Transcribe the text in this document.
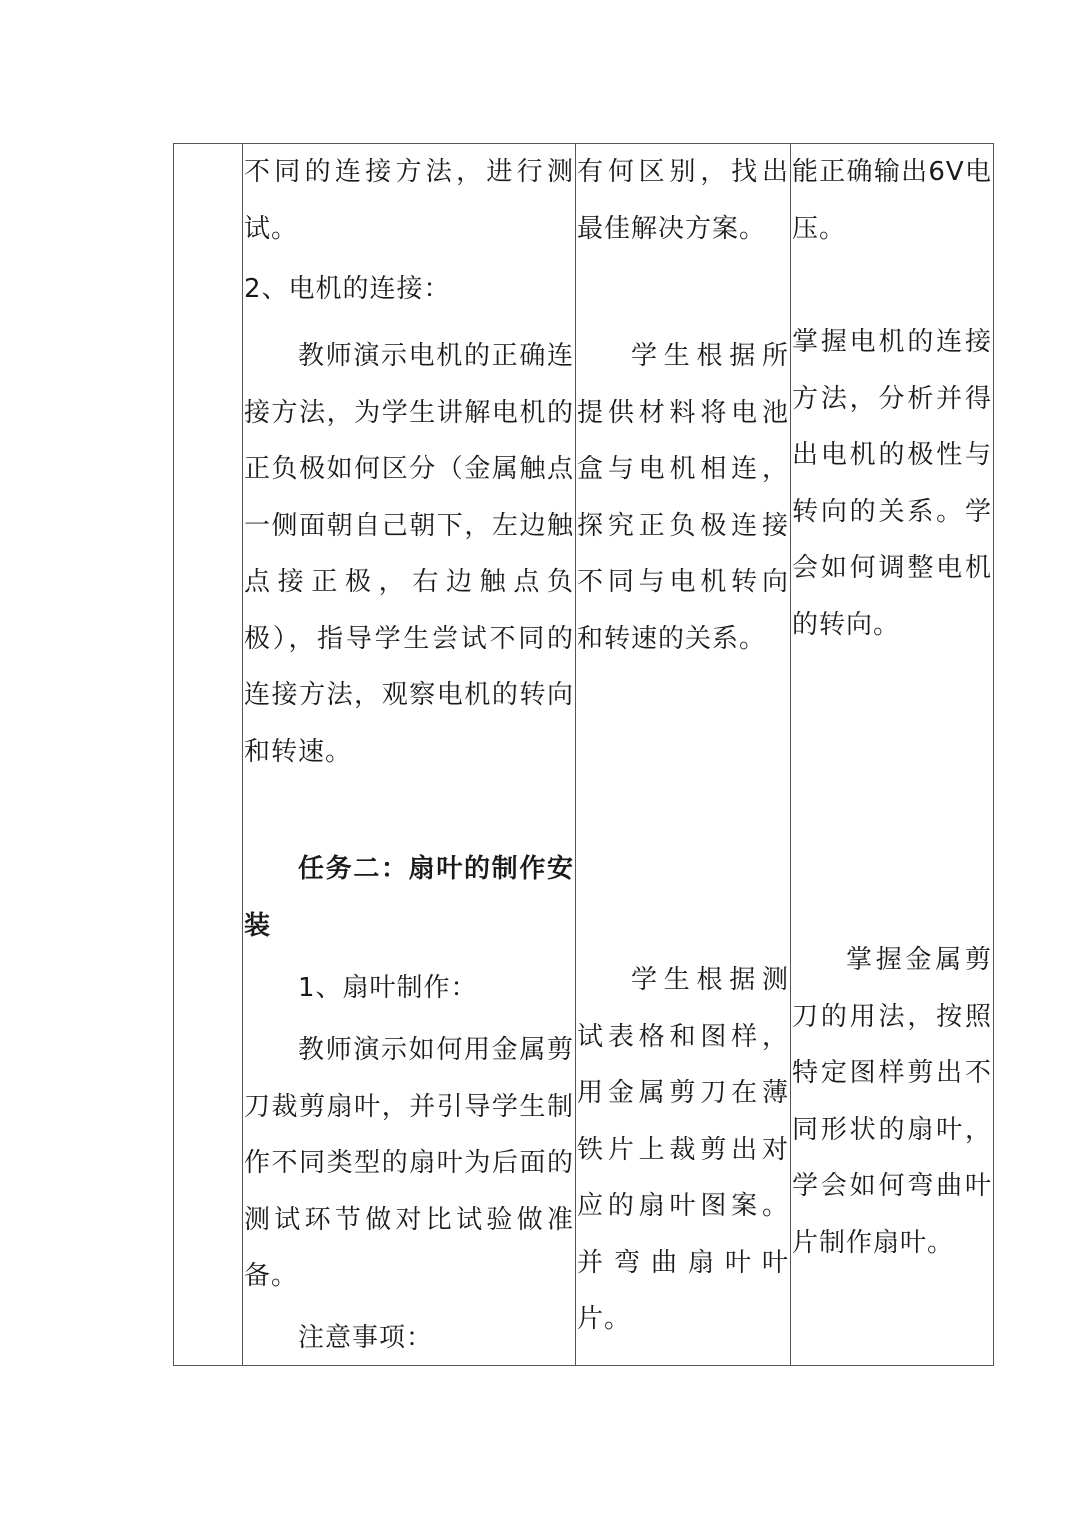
不同的连接方法，进行测试。

2、电机的连接：

教师演示电机的正确连接方法，为学生讲解电机的正负极如何区分（金属触点一侧面朝自己朝下，左边触点接正极，右边触点负极），指导学生尝试不同的连接方法，观察电机的转向和转速。

任务二：扇叶的制作安装

1、扇叶制作：

教师演示如何用金属剪刀裁剪扇叶，并引导学生制作不同类型的扇叶为后面的测试环节做对比试验做准备。

注意事项：

有何区别，找出最佳解决方案。

学生根据所提供材料将电池盒与电机相连，探究正负极连接不同与电机转向和转速的关系。

学生根据测试表格和图样，用金属剪刀在薄铁片上裁剪出对应的扇叶图案。并弯曲扇叶叶片。

能正确输出6V电压。

掌握电机的连接方法，分析并得出电机的极性与转向的关系。学会如何调整电机的转向。

掌握金属剪刀的用法，按照特定图样剪出不同形状的扇叶，学会如何弯曲叶片制作扇叶。
